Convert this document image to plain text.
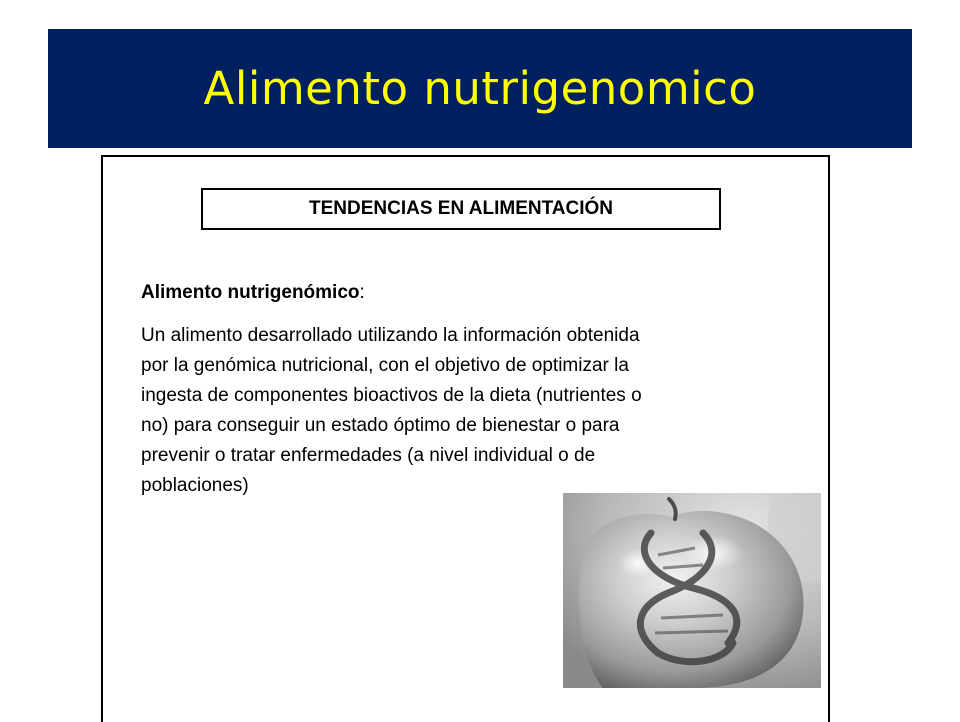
Alimento nutrigenomico
TENDENCIAS EN ALIMENTACIÓN
Alimento nutrigenómico:
Un alimento desarrollado utilizando la información obtenida
por la genómica nutricional, con el objetivo de optimizar la
ingesta de componentes bioactivos de la dieta (nutrientes o
no) para conseguir un estado óptimo de bienestar o para
prevenir o tratar enfermedades (a nivel individual o de
poblaciones)
